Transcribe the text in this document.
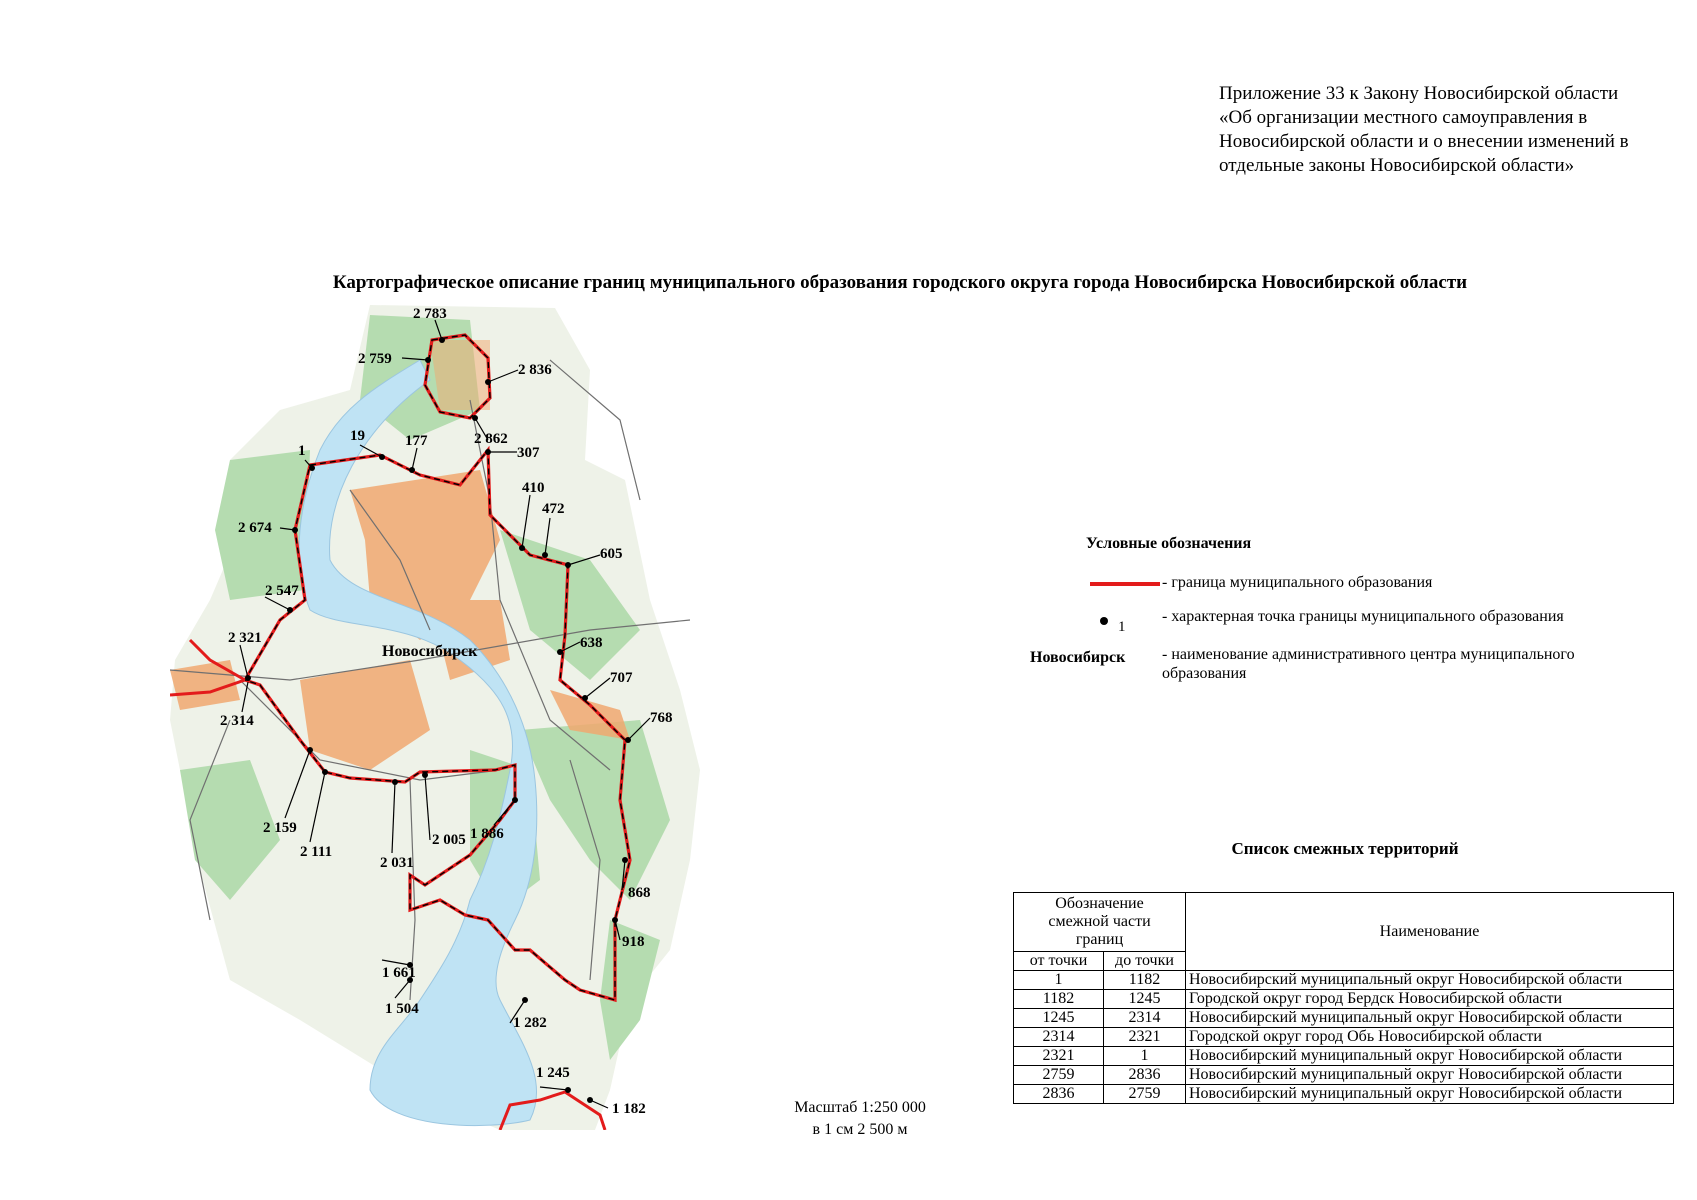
Приложение 33 к Закону Новосибирской области
«Об организации местного самоуправления в
Новосибирской области и о внесении изменений в
отдельные законы Новосибирской области»
Картографическое описание границ муниципального образования городского округа города Новосибирска Новосибирской области
2 783
2 759
2 836
2 862
307
177
19
1
410
472
605
2 674
2 547
2 321
2 314
638
707
768
2 159
2 111
2 031
2 005 1 886
868
918
1 661
1 504
1 282
1 245
1 182
Новосибирск
Условные обозначения
- граница муниципального образования
1
- характерная точка границы муниципального образования
Новосибирск - наименование административного центра муниципального образования
Масштаб 1:250 000
в 1 см 2 500 м
Список смежных территорий
Обозначение смежной части границ		Наименование
от точки	до точки	
1	1182	Новосибирский муниципальный округ Новосибирской области
1182	1245	Городской округ город Бердск Новосибирской области
1245	2314	Новосибирский муниципальный округ Новосибирской области
2314	2321	Городской округ город Обь Новосибирской области
2321	1	Новосибирский муниципальный округ Новосибирской области
2759	2836	Новосибирский муниципальный округ Новосибирской области
2836	2759	Новосибирский муниципальный округ Новосибирской области
